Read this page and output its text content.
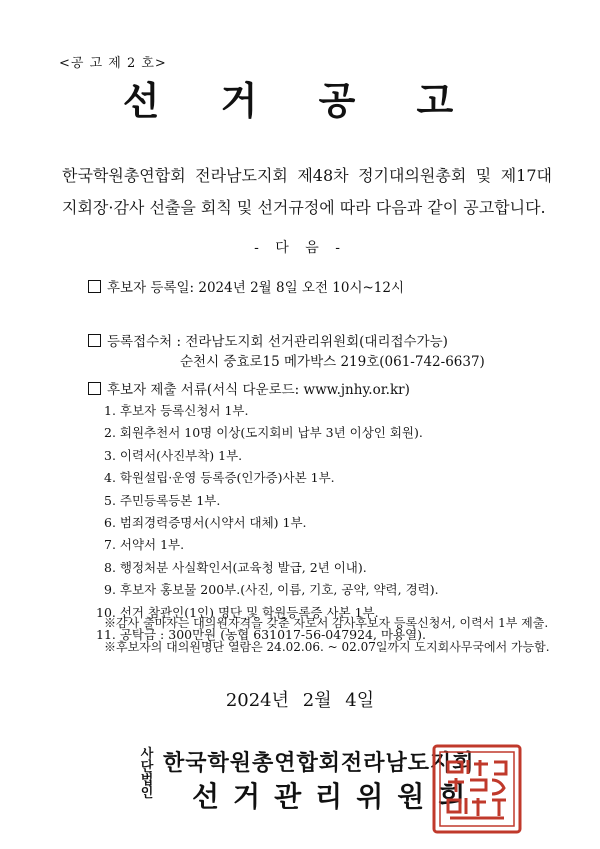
<공 고 제 2 호>
선 거 공 고
한국학원총연합회 전라남도지회 제48차 정기대의원총회 및 제17대
지회장·감사 선출을 회칙 및 선거규정에 따라 다음과 같이 공고합니다.
- 다 음 -
후보자 등록일: 2024년 2월 8일 오전 10시~12시
등록접수처 : 전라남도지회 선거관리위원회(대리접수가능)
순천시 중효로15 메가박스 219호(061-742-6637)
후보자 제출 서류(서식 다운로드: www.jnhy.or.kr)
1. 후보자 등록신청서 1부.
2. 회원추천서 10명 이상(도지회비 납부 3년 이상인 회원).
3. 이력서(사진부착) 1부.
4. 학원설립·운영 등록증(인가증)사본 1부.
5. 주민등록등본 1부.
6. 범죄경력증명서(시약서 대체) 1부.
7. 서약서 1부.
8. 행정처분 사실확인서(교육청 발급, 2년 이내).
9. 후보자 홍보물 200부.(사진, 이름, 기호, 공약, 약력, 경력).
10. 선거 참관인(1인) 명단 및 학원등록증 사본 1부.
11. 공탁금 : 300만원 (농협 631017-56-047924, 마용열).
※감사 출마자는 대의원자격을 갖춘 자로서 감사후보자 등록신청서, 이력서 1부 제출.
※후보자의 대의원명단 열람은 24.02.06. ~ 02.07일까지 도지회사무국에서 가능함.
2024년 2월 4일
사단법인
한국학원총연합회전라남도지회
선거관리위원회
